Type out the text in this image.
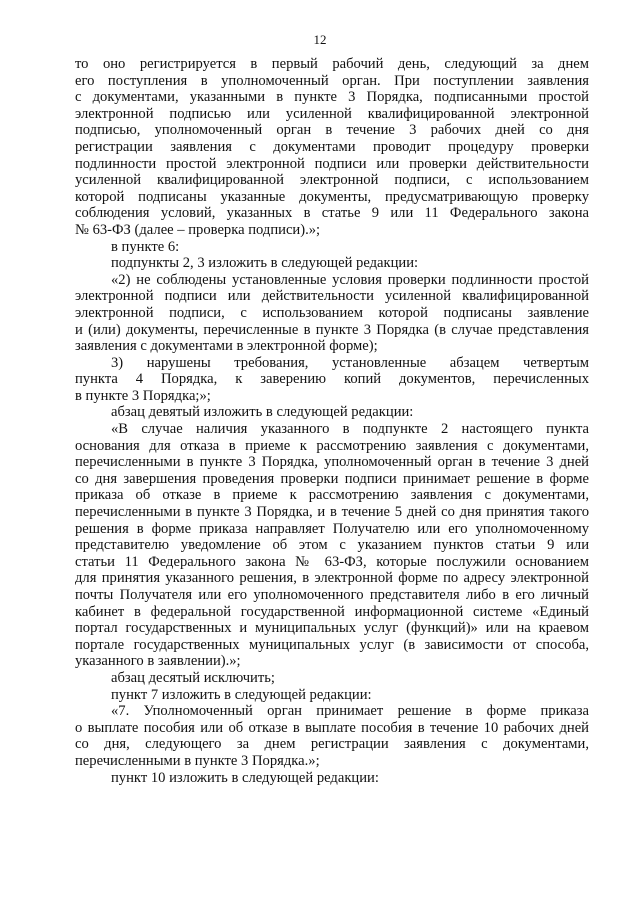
12
то оно регистрируется в первый рабочий день, следующий за днем
его поступления в уполномоченный орган. При поступлении заявления
с документами, указанными в пункте 3 Порядка, подписанными простой
электронной подписью или усиленной квалифицированной электронной
подписью, уполномоченный орган в течение 3 рабочих дней со дня
регистрации заявления с документами проводит процедуру проверки
подлинности простой электронной подписи или проверки действительности
усиленной квалифицированной электронной подписи, с использованием
которой подписаны указанные документы, предусматривающую проверку
соблюдения условий, указанных в статье 9 или 11 Федерального закона
№ 63-ФЗ (далее – проверка подписи).»;
в пункте 6:
подпункты 2, 3 изложить в следующей редакции:
«2) не соблюдены установленные условия проверки подлинности простой
электронной подписи или действительности усиленной квалифицированной
электронной подписи, с использованием которой подписаны заявление
и (или) документы, перечисленные в пункте 3 Порядка (в случае представления
заявления с документами в электронной форме);
3) нарушены требования, установленные абзацем четвертым
пункта 4 Порядка, к заверению копий документов, перечисленных
в пункте 3 Порядка;»;
абзац девятый изложить в следующей редакции:
«В случае наличия указанного в подпункте 2 настоящего пункта
основания для отказа в приеме к рассмотрению заявления с документами,
перечисленными в пункте 3 Порядка, уполномоченный орган в течение 3 дней
со дня завершения проведения проверки подписи принимает решение в форме
приказа об отказе в приеме к рассмотрению заявления с документами,
перечисленными в пункте 3 Порядка, и в течение 5 дней со дня принятия такого
решения в форме приказа направляет Получателю или его уполномоченному
представителю уведомление об этом с указанием пунктов статьи 9 или
статьи 11 Федерального закона № 63-ФЗ, которые послужили основанием
для принятия указанного решения, в электронной форме по адресу электронной
почты Получателя или его уполномоченного представителя либо в его личный
кабинет в федеральной государственной информационной системе «Единый
портал государственных и муниципальных услуг (функций)» или на краевом
портале государственных муниципальных услуг (в зависимости от способа,
указанного в заявлении).»;
абзац десятый исключить;
пункт 7 изложить в следующей редакции:
«7. Уполномоченный орган принимает решение в форме приказа
о выплате пособия или об отказе в выплате пособия в течение 10 рабочих дней
со дня, следующего за днем регистрации заявления с документами,
перечисленными в пункте 3 Порядка.»;
пункт 10 изложить в следующей редакции:
